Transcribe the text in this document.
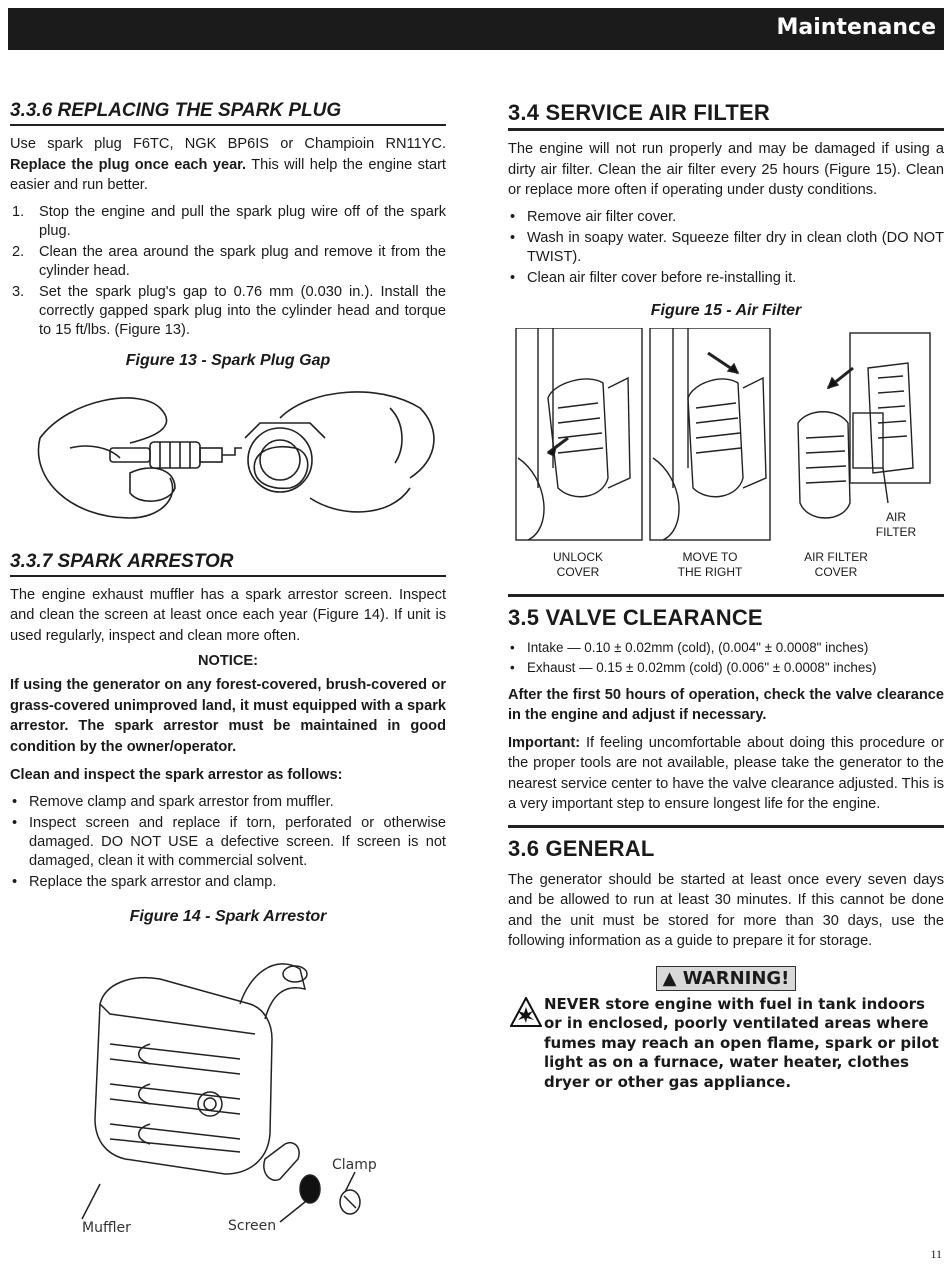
Maintenance
3.3.6 REPLACING THE SPARK PLUG

Use spark plug F6TC, NGK BP6IS or Champioin RN11YC. Replace the plug once each year. This will help the engine start easier and run better.

1. Stop the engine and pull the spark plug wire off of the spark plug.
2. Clean the area around the spark plug and remove it from the cylinder head.
3. Set the spark plug's gap to 0.76 mm (0.030 in.). Install the correctly gapped spark plug into the cylinder head and torque to 15 ft/lbs. (Figure 13).
Figure 13 - Spark Plug Gap
3.3.7 SPARK ARRESTOR

The engine exhaust muffler has a spark arrestor screen. Inspect and clean the screen at least once each year (Figure 14). If unit is used regularly, inspect and clean more often.

NOTICE:

If using the generator on any forest-covered, brush-covered or grass-covered unimproved land, it must equipped with a spark arrestor. The spark arrestor must be maintained in good condition by the owner/operator.

Clean and inspect the spark arrestor as follows:

• Remove clamp and spark arrestor from muffler.
• Inspect screen and replace if torn, perforated or otherwise damaged. DO NOT USE a defective screen. If screen is not damaged, clean it with commercial solvent.
• Replace the spark arrestor and clamp.
Figure 14 - Spark Arrestor
Clamp
Muffler	Screen
3.4 SERVICE AIR FILTER

The engine will not run properly and may be damaged if using a dirty air filter. Clean the air filter every 25 hours (Figure 15). Clean or replace more often if operating under dusty conditions.

• Remove air filter cover.
• Wash in soapy water. Squeeze filter dry in clean cloth (DO NOT TWIST).
• Clean air filter cover before re-installing it.
Figure 15 - Air Filter
UNLOCK
COVER
MOVE TO
THE RIGHT
AIR FILTER
COVER
AIR
FILTER
3.5 VALVE CLEARANCE
• Intake — 0.10 ± 0.02mm (cold), (0.004" ± 0.0008" inches)
• Exhaust — 0.15 ± 0.02mm (cold) (0.006" ± 0.0008" inches)

After the first 50 hours of operation, check the valve clearance in the engine and adjust if necessary.

Important: If feeling uncomfortable about doing this procedure or the proper tools are not available, please take the generator to the nearest service center to have the valve clearance adjusted. This is a very important step to ensure longest life for the engine.

3.6 GENERAL

The generator should be started at least once every seven days and be allowed to run at least 30 minutes. If this cannot be done and the unit must be stored for more than 30 days, use the following information as a guide to prepare it for storage.

▲ WARNING!
NEVER store engine with fuel in tank indoors or in enclosed, poorly ventilated areas where fumes may reach an open flame, spark or pilot light as on a furnace, water heater, clothes dryer or other gas appliance.
11
